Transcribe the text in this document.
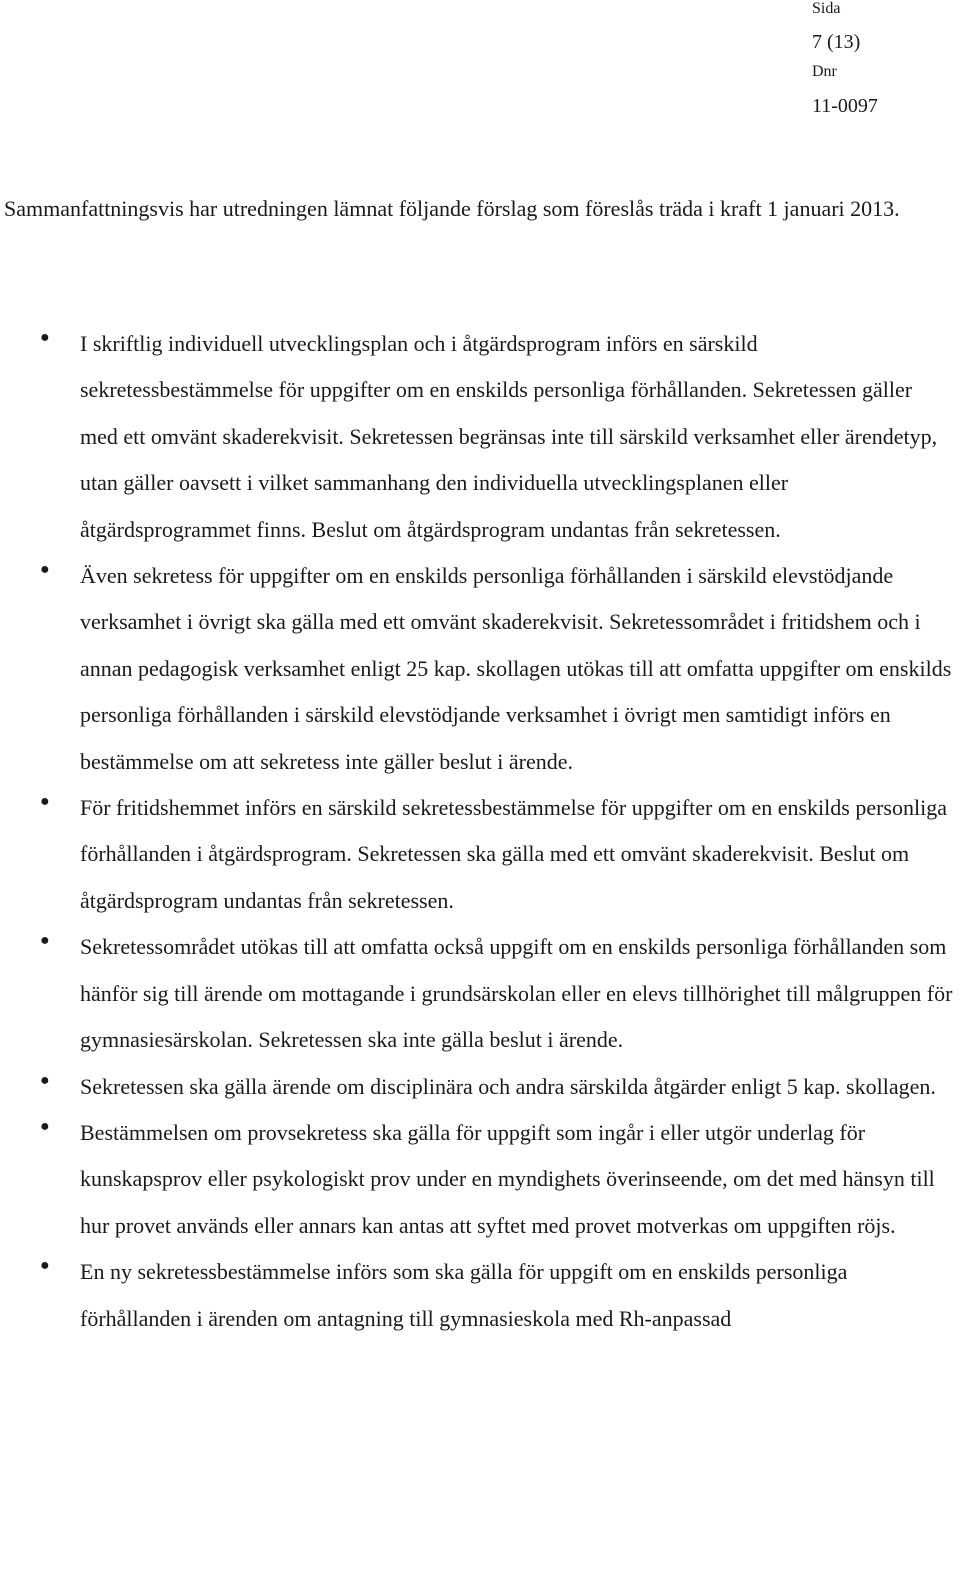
Sida
7 (13)
Dnr
11-0097

Sammanfattningsvis har utredningen lämnat följande förslag som föreslås träda i kraft 1 januari 2013.

● I skriftlig individuell utvecklingsplan och i åtgärdsprogram införs en särskild sekretessbestämmelse för uppgifter om en enskilds personliga förhållanden. Sekretessen gäller med ett omvänt skaderekvisit. Sekretessen begränsas inte till särskild verksamhet eller ärendetyp, utan gäller oavsett i vilket sammanhang den individuella utvecklingsplanen eller åtgärdsprogrammet finns. Beslut om åtgärdsprogram undantas från sekretessen.
● Även sekretess för uppgifter om en enskilds personliga förhållanden i särskild elevstödjande verksamhet i övrigt ska gälla med ett omvänt skaderekvisit. Sekretessområdet i fritidshem och i annan pedagogisk verksamhet enligt 25 kap. skollagen utökas till att omfatta uppgifter om enskilds personliga förhållanden i särskild elevstödjande verksamhet i övrigt men samtidigt införs en bestämmelse om att sekretess inte gäller beslut i ärende.
● För fritidshemmet införs en särskild sekretessbestämmelse för uppgifter om en enskilds personliga förhållanden i åtgärdsprogram. Sekretessen ska gälla med ett omvänt skaderekvisit. Beslut om åtgärdsprogram undantas från sekretessen.
● Sekretessområdet utökas till att omfatta också uppgift om en enskilds personliga förhållanden som hänför sig till ärende om mottagande i grundsärskolan eller en elevs tillhörighet till målgruppen för gymnasiesärskolan. Sekretessen ska inte gälla beslut i ärende.
● Sekretessen ska gälla ärende om disciplinära och andra särskilda åtgärder enligt 5 kap. skollagen.
● Bestämmelsen om provsekretess ska gälla för uppgift som ingår i eller utgör underlag för kunskapsprov eller psykologiskt prov under en myndighets överinseende, om det med hänsyn till hur provet används eller annars kan antas att syftet med provet motverkas om uppgiften röjs.
● En ny sekretessbestämmelse införs som ska gälla för uppgift om en enskilds personliga förhållanden i ärenden om antagning till gymnasieskola med Rh-anpassad
